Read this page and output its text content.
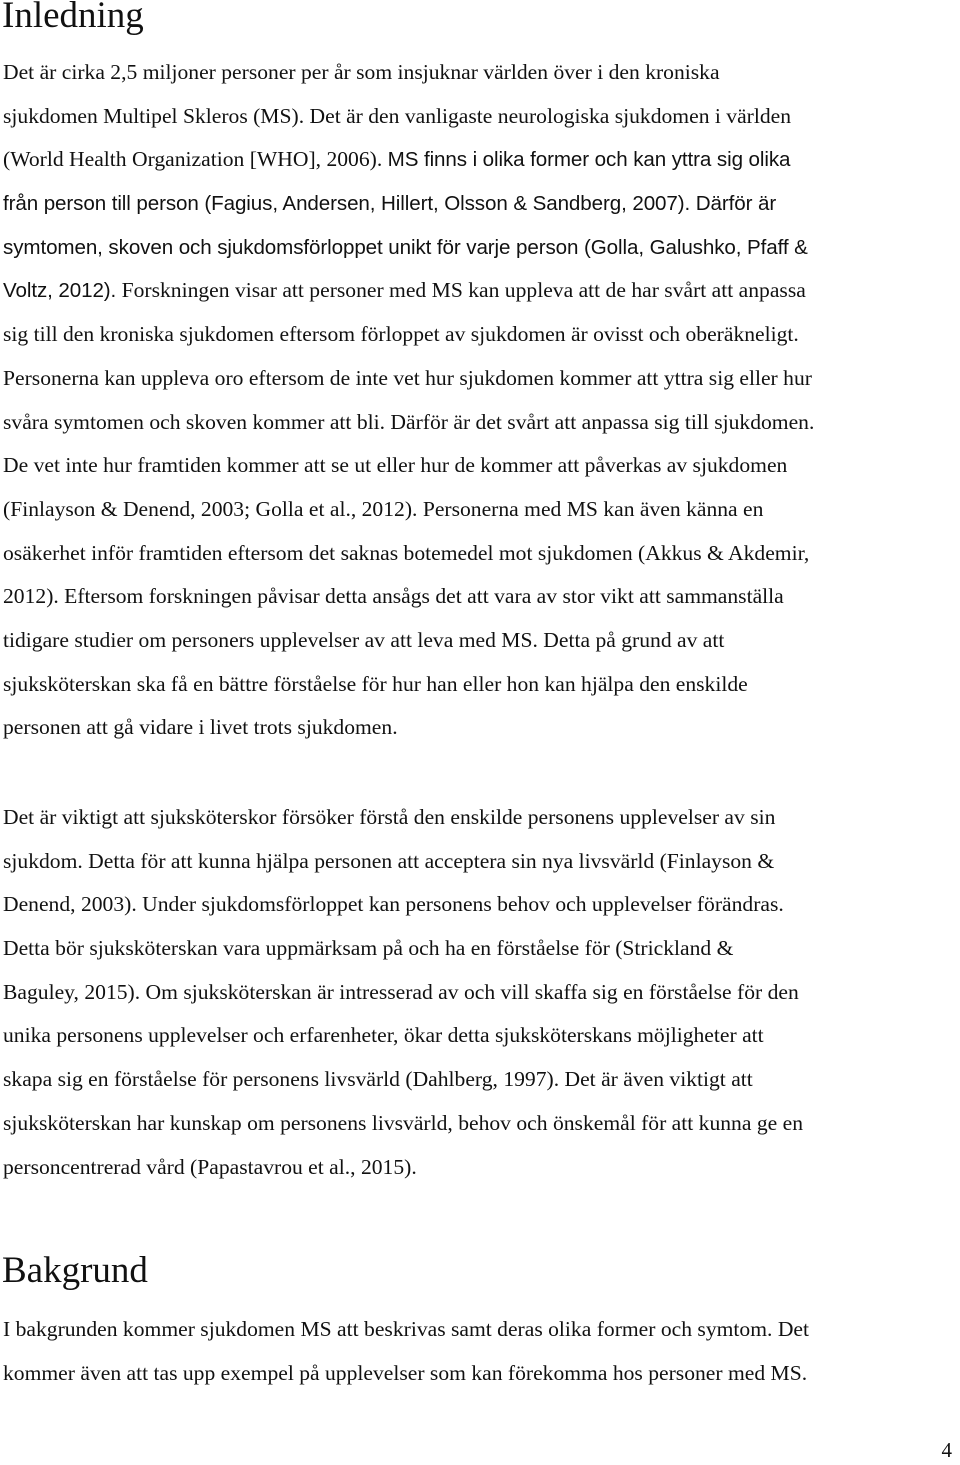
Inledning
Det är cirka 2,5 miljoner personer per år som insjuknar världen över i den kroniska
sjukdomen Multipel Skleros (MS). Det är den vanligaste neurologiska sjukdomen i världen
(World Health Organization [WHO], 2006). MS finns i olika former och kan yttra sig olika
från person till person (Fagius, Andersen, Hillert, Olsson & Sandberg, 2007). Därför är
symtomen, skoven och sjukdomsförloppet unikt för varje person (Golla, Galushko, Pfaff &
Voltz, 2012). Forskningen visar att personer med MS kan uppleva att de har svårt att anpassa
sig till den kroniska sjukdomen eftersom förloppet av sjukdomen är ovisst och oberäkneligt.
Personerna kan uppleva oro eftersom de inte vet hur sjukdomen kommer att yttra sig eller hur
svåra symtomen och skoven kommer att bli. Därför är det svårt att anpassa sig till sjukdomen.
De vet inte hur framtiden kommer att se ut eller hur de kommer att påverkas av sjukdomen
(Finlayson & Denend, 2003; Golla et al., 2012). Personerna med MS kan även känna en
osäkerhet inför framtiden eftersom det saknas botemedel mot sjukdomen (Akkus & Akdemir,
2012). Eftersom forskningen påvisar detta ansågs det att vara av stor vikt att sammanställa
tidigare studier om personers upplevelser av att leva med MS. Detta på grund av att
sjuksköterskan ska få en bättre förståelse för hur han eller hon kan hjälpa den enskilde
personen att gå vidare i livet trots sjukdomen.
Det är viktigt att sjuksköterskor försöker förstå den enskilde personens upplevelser av sin
sjukdom. Detta för att kunna hjälpa personen att acceptera sin nya livsvärld (Finlayson &
Denend, 2003). Under sjukdomsförloppet kan personens behov och upplevelser förändras.
Detta bör sjuksköterskan vara uppmärksam på och ha en förståelse för (Strickland &
Baguley, 2015). Om sjuksköterskan är intresserad av och vill skaffa sig en förståelse för den
unika personens upplevelser och erfarenheter, ökar detta sjuksköterskans möjligheter att
skapa sig en förståelse för personens livsvärld (Dahlberg, 1997). Det är även viktigt att
sjuksköterskan har kunskap om personens livsvärld, behov och önskemål för att kunna ge en
personcentrerad vård (Papastavrou et al., 2015).
Bakgrund
I bakgrunden kommer sjukdomen MS att beskrivas samt deras olika former och symtom. Det
kommer även att tas upp exempel på upplevelser som kan förekomma hos personer med MS.

4
